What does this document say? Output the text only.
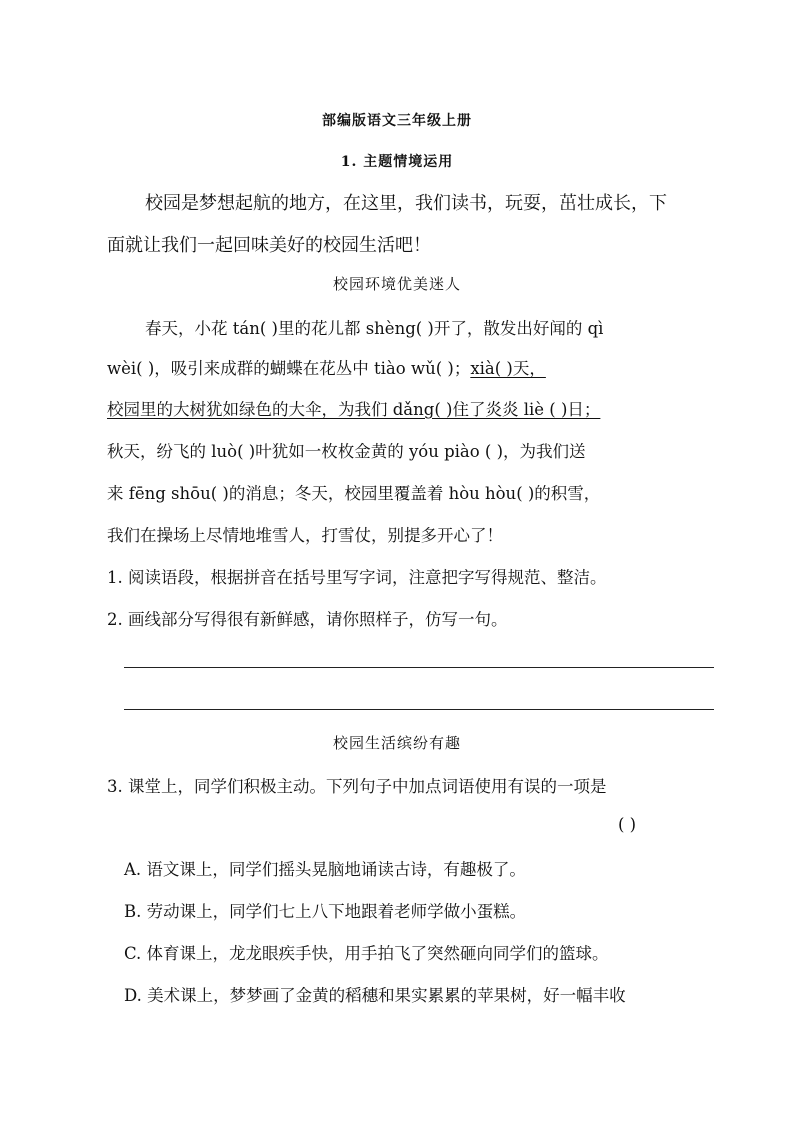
部编版语文三年级上册
1. 主题情境运用
校园是梦想起航的地方，在这里，我们读书，玩耍，茁壮成长，下
面就让我们一起回味美好的校园生活吧！
校园环境优美迷人
春天，小花 tán( )里的花儿都 shèng( )开了，散发出好闻的 qì
wèi( )，吸引来成群的蝴蝶在花丛中 tiào wǔ( )；xià( )天，
校园里的大树犹如绿色的大伞，为我们 dǎng( )住了炎炎 liè ( )日；
秋天，纷飞的 luò( )叶犹如一枚枚金黄的 yóu piào ( )，为我们送
来 fēng shōu( )的消息；冬天，校园里覆盖着 hòu hòu( )的积雪，
我们在操场上尽情地堆雪人，打雪仗，别提多开心了！
1. 阅读语段，根据拼音在括号里写字词，注意把字写得规范、整洁。
2. 画线部分写得很有新鲜感，请你照样子，仿写一句。
校园生活缤纷有趣
3. 课堂上，同学们积极主动。下列句子中加点词语使用有误的一项是
( )
A. 语文课上，同学们摇头晃脑地诵读古诗，有趣极了。
B. 劳动课上，同学们七上八下地跟着老师学做小蛋糕。
C. 体育课上，龙龙眼疾手快，用手拍飞了突然砸向同学们的篮球。
D. 美术课上，梦梦画了金黄的稻穗和果实累累的苹果树，好一幅丰收
